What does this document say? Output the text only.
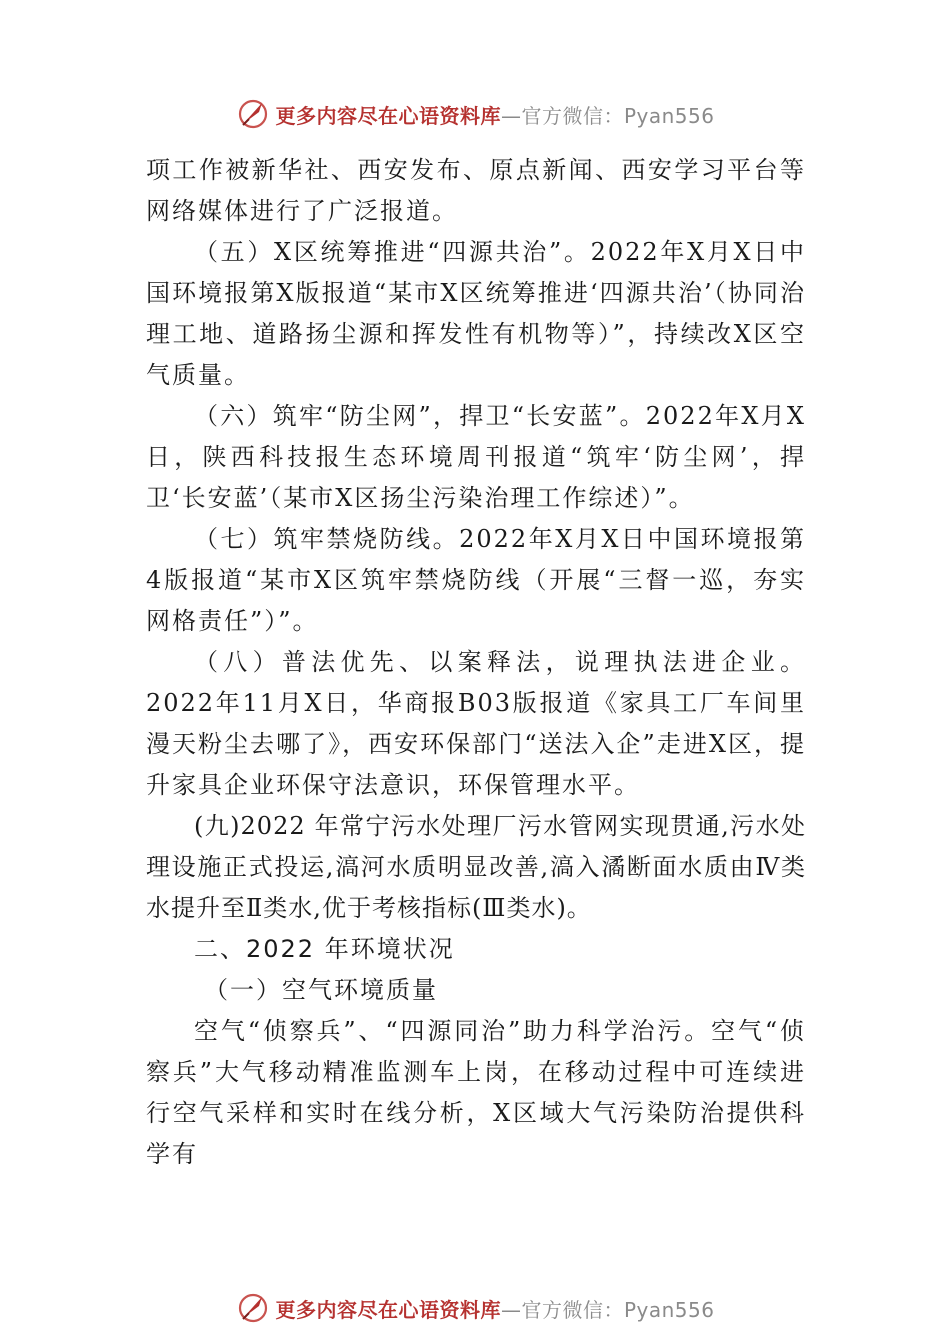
更多内容尽在心语资料库—官方微信：Pyan556

项工作被新华社、西安发布、原点新闻、西安学习平台等网络媒体进行了广泛报道。

（五）X区统筹推进“四源共治”。2022年X月X日中国环境报第X版报道“某市X区统筹推进‘四源共治’（协同治理工地、道路扬尘源和挥发性有机物等）”，持续改X区空气质量。

（六）筑牢“防尘网”，捍卫“长安蓝”。2022年X月X日，陕西科技报生态环境周刊报道“筑牢‘防尘网’，捍卫‘长安蓝’（某市X区扬尘污染治理工作综述）”。

（七）筑牢禁烧防线。2022年X月X日中国环境报第4版报道“某市X区筑牢禁烧防线（开展“三督一巡，夯实网格责任”）”。

（八）普法优先、以案释法，说理执法进企业。2022年11月X日，华商报B03版报道《家具工厂车间里漫天粉尘去哪了》，西安环保部门“送法入企”走进X区，提升家具企业环保守法意识，环保管理水平。

(九)2022 年常宁污水处理厂污水管网实现贯通,污水处理设施正式投运,滈河水质明显改善,滈入潏断面水质由Ⅳ类水提升至Ⅱ类水,优于考核指标(Ⅲ类水)。

二、2022 年环境状况

（一）空气环境质量

空气“侦察兵”、“四源同治”助力科学治污。空气“侦察兵”大气移动精准监测车上岗，在移动过程中可连续进行空气采样和实时在线分析，X区域大气污染防治提供科学有

更多内容尽在心语资料库—官方微信：Pyan556
